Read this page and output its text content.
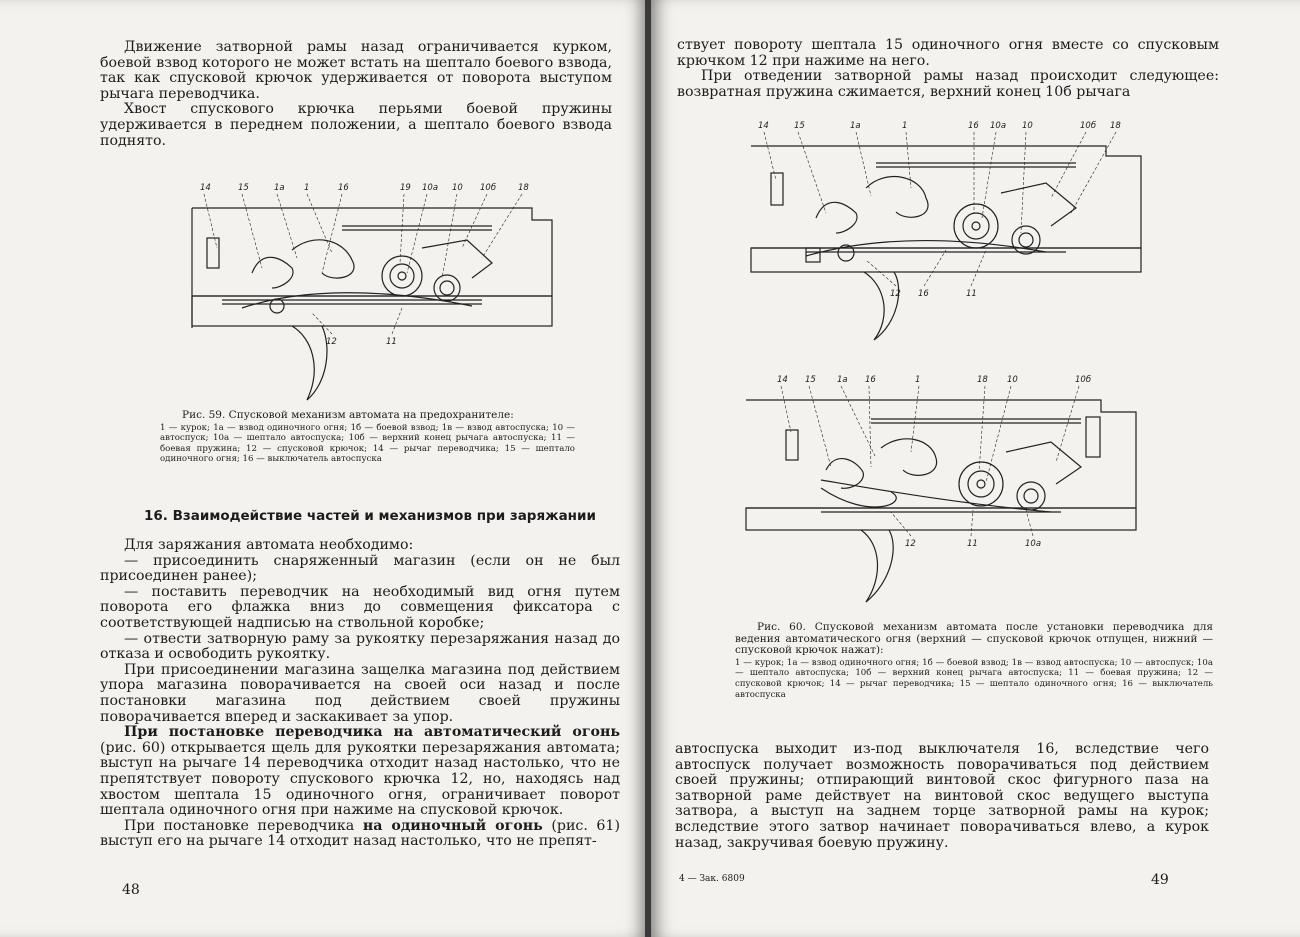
Движение затворной рамы назад ограничивается курком, боевой взвод которого не может встать на шептало боевого взвода, так как спусковой крючок удерживается от поворота выступом рычага переводчика.

Хвост спускового крючка перьями боевой пружины удерживается в переднем положении, а шептало боевого взвода поднято.

14	15	1а 1	16	19 10а 10 10б	18
12	11

Рис. 59. Спусковой механизм автомата на предохранителе:

1 — курок; 1а — взвод одиночного огня; 1б — боевой взвод; 1в — взвод автоспуска; 10 — автоспуск; 10а — шептало автоспуска; 10б — верхний конец рычага автоспуска; 11 — боевая пружина; 12 — спусковой крючок; 14 — рычаг переводчика; 15 — шептало одиночного огня; 16 — выключатель автоспуска

16. Взаимодействие частей и механизмов при заряжании

Для заряжания автомата необходимо:

— присоединить снаряженный магазин (если он не был присоединен ранее);

— поставить переводчик на необходимый вид огня путем поворота его флажка вниз до совмещения фиксатора с соответствующей надписью на ствольной коробке;

— отвести затворную раму за рукоятку перезаряжания назад до отказа и освободить рукоятку.

При присоединении магазина защелка магазина под действием упора магазина поворачивается на своей оси назад и после постановки магазина под действием своей пружины поворачивается вперед и заскакивает за упор.

При постановке переводчика на автоматический огонь (рис. 60) открывается щель для рукоятки перезаряжания автомата; выступ на рычаге 14 переводчика отходит назад настолько, что не препятствует повороту спускового крючка 12, но, находясь над хвостом шептала 15 одиночного огня, ограничивает поворот шептала одиночного огня при нажиме на спусковой крючок.

При постановке переводчика на одиночный огонь (рис. 61) выступ его на рычаге 14 отходит назад настолько, что не препят-

48

ствует повороту шептала 15 одиночного огня вместе со спусковым крючком 12 при нажиме на него.

При отведении затворной рамы назад происходит следующее: возвратная пружина сжимается, верхний конец 10б рычага

14	15	1а	1	16 10а 10	10б 18
12 16	11
14 15 1а 16	1	18 10	10б
12	11	10а

Рис. 60. Спусковой механизм автомата после установки переводчика для ведения автоматического огня (верхний — спусковой крючок отпущен, нижний — спусковой крючок нажат):

1 — курок; 1а — взвод одиночного огня; 1б — боевой взвод; 1в — взвод автоспуска; 10 — автоспуск; 10а — шептало автоспуска; 10б — верхний конец рычага автоспуска; 11 — боевая пружина; 12 — спусковой крючок; 14 — рычаг переводчика; 15 — шептало одиночного огня; 16 — выключатель автоспуска

автоспуска выходит из-под выключателя 16, вследствие чего автоспуск получает возможность поворачиваться под действием своей пружины; отпирающий винтовой скос фигурного паза на затворной раме действует на винтовой скос ведущего выступа затвора, а выступ на заднем торце затворной рамы на курок; вследствие этого затвор начинает поворачиваться влево, а курок назад, закручивая боевую пружину.

4 — Зак. 6809	49
